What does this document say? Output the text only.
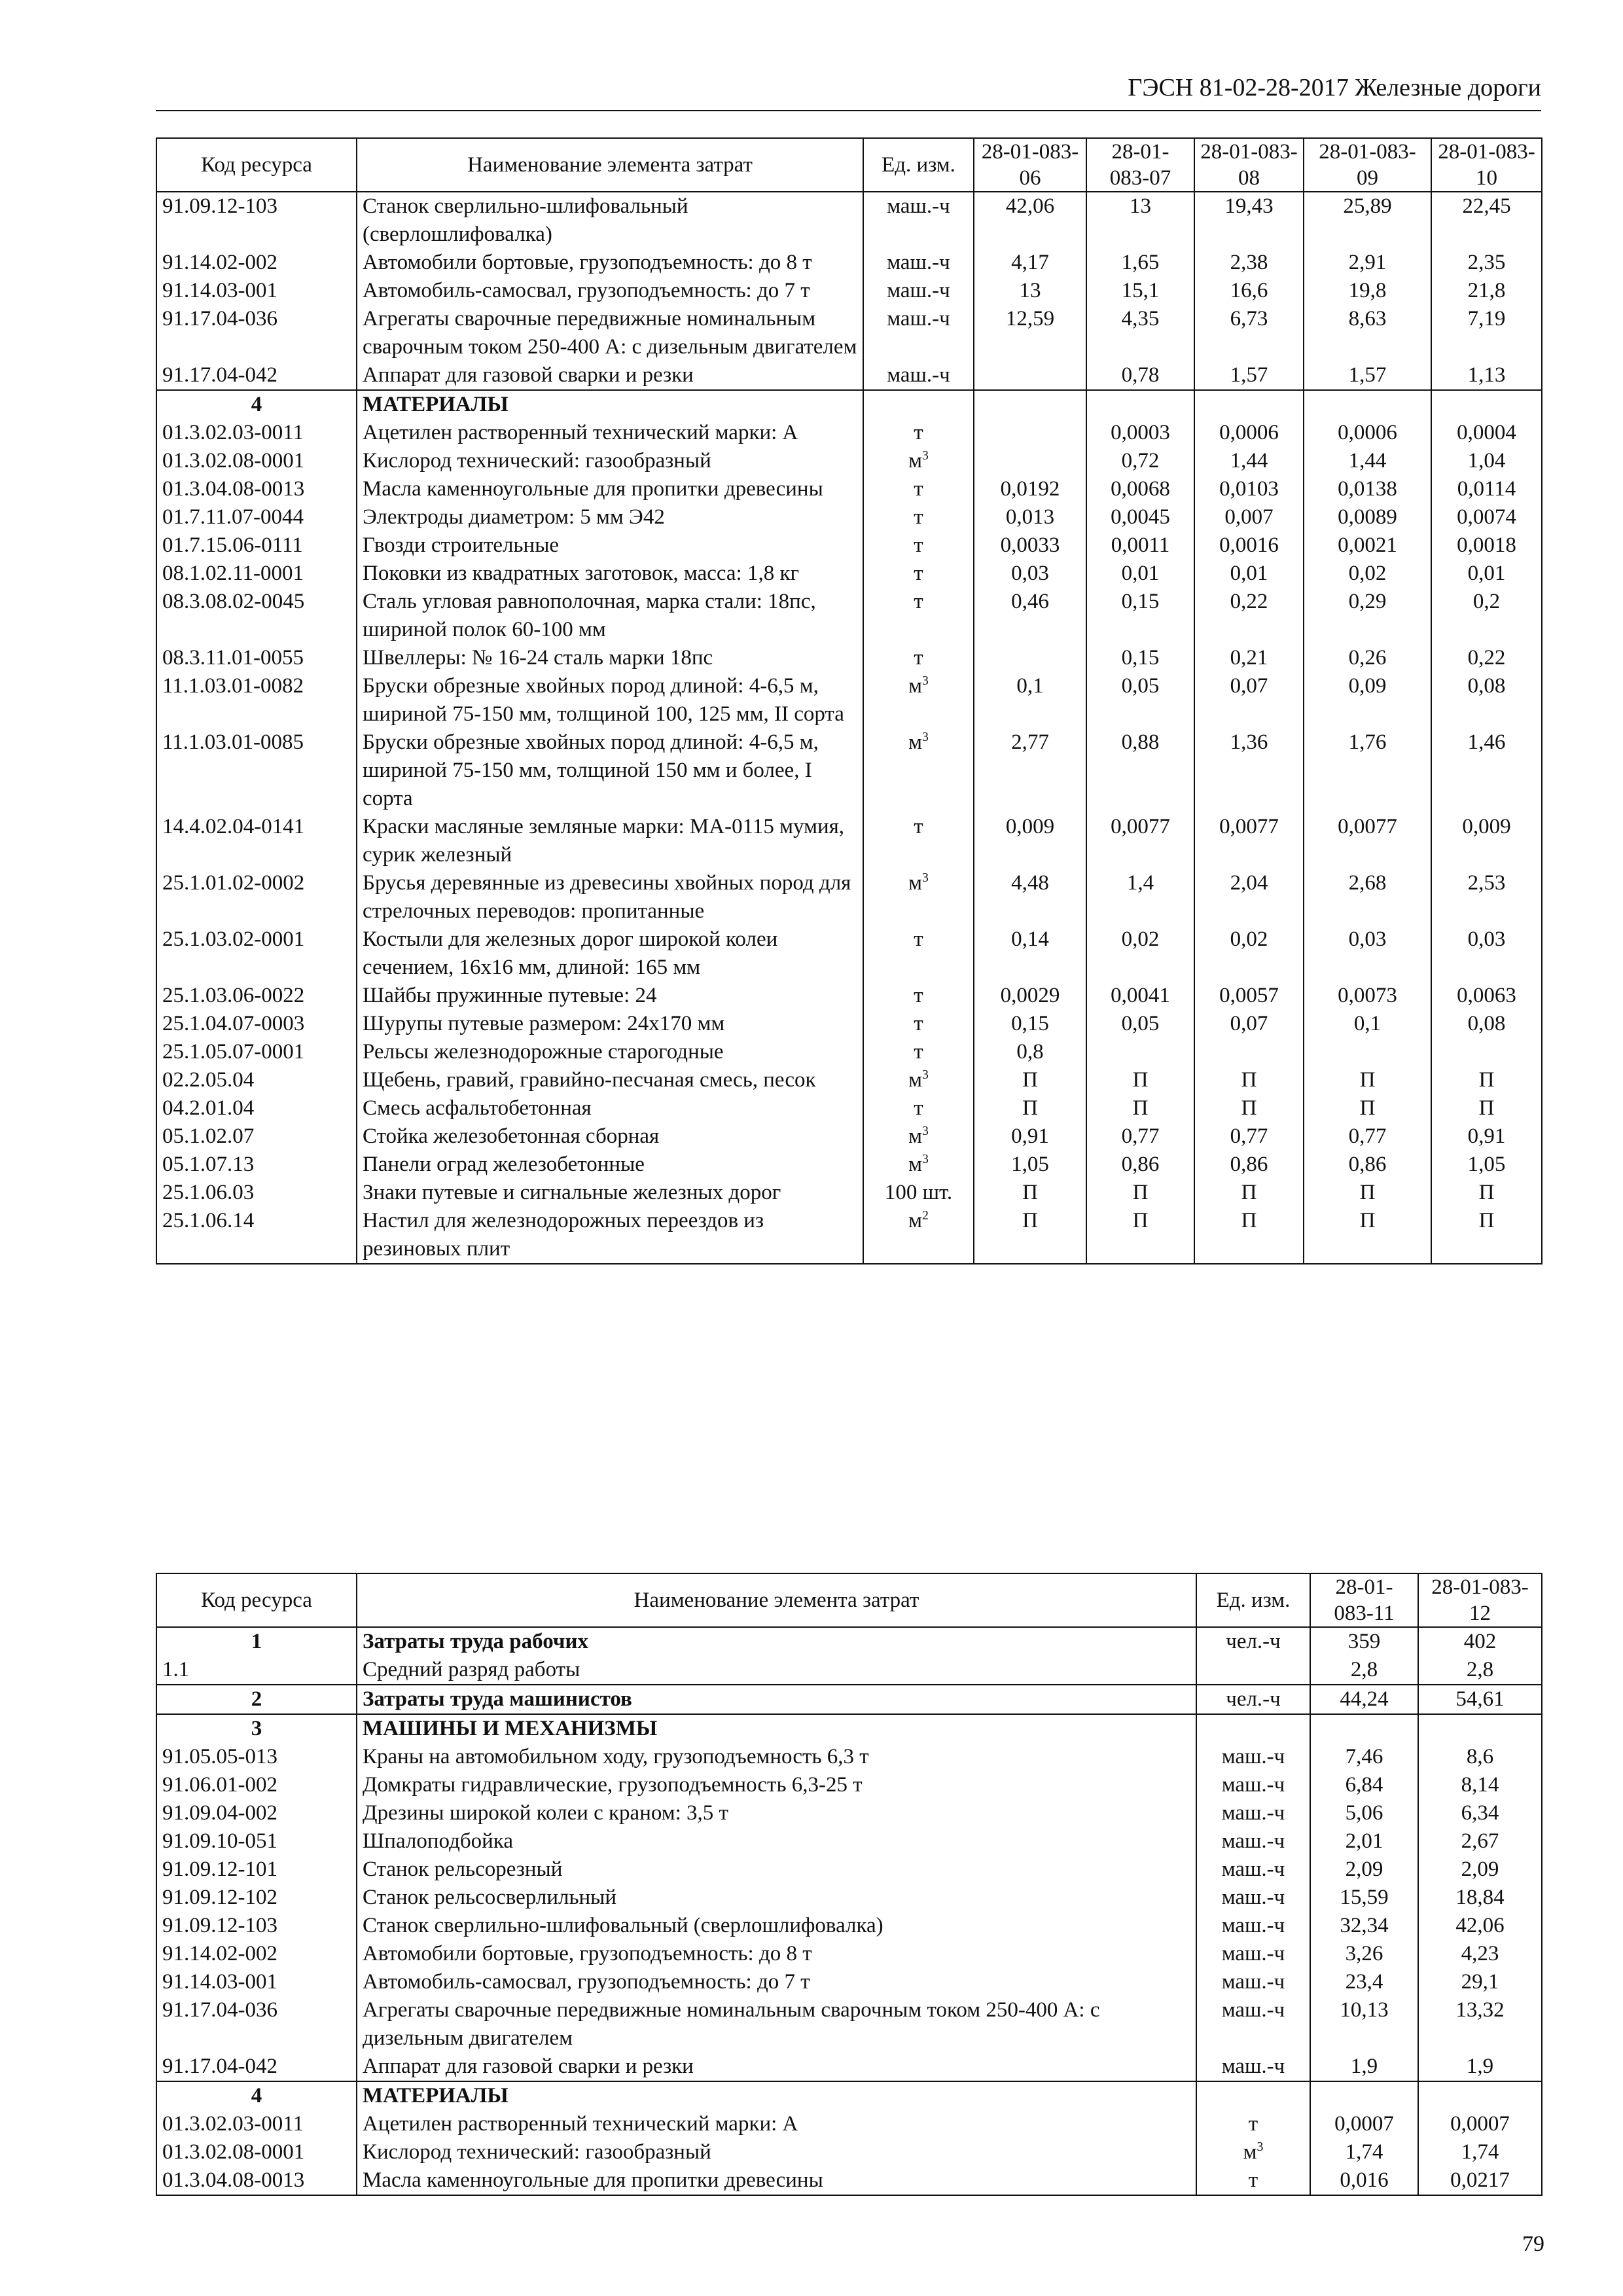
ГЭСН 81-02-28-2017 Железные дороги
Код ресурса	Наименование элемента затрат	Ед. изм.	28-01-083-06	28-01-083-07	28-01-083-08	28-01-083-09	28-01-083-10
91.09.12-103	Станок сверлильно-шлифовальный (сверлошлифовалка)	маш.-ч	42,06	13	19,43	25,89	22,45
91.14.02-002	Автомобили бортовые, грузоподъемность: до 8 т	маш.-ч	4,17	1,65	2,38	2,91	2,35
91.14.03-001	Автомобиль-самосвал, грузоподъемность: до 7 т	маш.-ч	13	15,1	16,6	19,8	21,8
91.17.04-036	Агрегаты сварочные передвижные номинальным сварочным током 250-400 А: с дизельным двигателем	маш.-ч	12,59	4,35	6,73	8,63	7,19
91.17.04-042	Аппарат для газовой сварки и резки	маш.-ч		0,78	1,57	1,57	1,13
4	МАТЕРИАЛЫ						
01.3.02.03-0011	Ацетилен растворенный технический марки: А	т		0,0003	0,0006	0,0006	0,0004
01.3.02.08-0001	Кислород технический: газообразный	$м^3$		0,72	1,44	1,44	1,04
01.3.04.08-0013	Масла каменноугольные для пропитки древесины	т	0,0192	0,0068	0,0103	0,0138	0,0114
01.7.11.07-0044	Электроды диаметром: 5 мм Э42	т	0,013	0,0045	0,007	0,0089	0,0074
01.7.15.06-0111	Гвозди строительные	т	0,0033	0,0011	0,0016	0,0021	0,0018
08.1.02.11-0001	Поковки из квадратных заготовок, масса: 1,8 кг	т	0,03	0,01	0,01	0,02	0,01
08.3.08.02-0045	Сталь угловая равнополочная, марка стали: 18пс, шириной полок 60-100 мм	т	0,46	0,15	0,22	0,29	0,2
08.3.11.01-0055	Швеллеры: № 16-24 сталь марки 18пс	т		0,15	0,21	0,26	0,22
11.1.03.01-0082	Бруски обрезные хвойных пород длиной: 4-6,5 м, шириной 75-150 мм, толщиной 100, 125 мм, II сорта	$м^3$	0,1	0,05	0,07	0,09	0,08
11.1.03.01-0085	Бруски обрезные хвойных пород длиной: 4-6,5 м, шириной 75-150 мм, толщиной 150 мм и более, I сорта	$м^3$	2,77	0,88	1,36	1,76	1,46
14.4.02.04-0141	Краски масляные земляные марки: МА-0115 мумия, сурик железный	т	0,009	0,0077	0,0077	0,0077	0,009
25.1.01.02-0002	Брусья деревянные из древесины хвойных пород для стрелочных переводов: пропитанные	$м^3$	4,48	1,4	2,04	2,68	2,53
25.1.03.02-0001	Костыли для железных дорог широкой колеи сечением, 16х16 мм, длиной: 165 мм	т	0,14	0,02	0,02	0,03	0,03
25.1.03.06-0022	Шайбы пружинные путевые: 24	т	0,0029	0,0041	0,0057	0,0073	0,0063
25.1.04.07-0003	Шурупы путевые размером: 24х170 мм	т	0,15	0,05	0,07	0,1	0,08
25.1.05.07-0001	Рельсы железнодорожные старогодные	т	0,8				
02.2.05.04	Щебень, гравий, гравийно-песчаная смесь, песок	$м^3$	П	П	П	П	П
04.2.01.04	Смесь асфальтобетонная	т	П	П	П	П	П
05.1.02.07	Стойка железобетонная сборная	$м^3$	0,91	0,77	0,77	0,77	0,91
05.1.07.13	Панели оград железобетонные	$м^3$	1,05	0,86	0,86	0,86	1,05
25.1.06.03	Знаки путевые и сигнальные железных дорог	100 шт.	П	П	П	П	П
25.1.06.14	Настил для железнодорожных переездов из резиновых плит	$м^2$	П	П	П	П	П
Код ресурса	Наименование элемента затрат	Ед. изм.	28-01-083-11	28-01-083-12
1	Затраты труда рабочих	чел.-ч	359	402
1.1	Средний разряд работы		2,8	2,8
2	Затраты труда машинистов	чел.-ч	44,24	54,61
3	МАШИНЫ И МЕХАНИЗМЫ			
91.05.05-013	Краны на автомобильном ходу, грузоподъемность 6,3 т	маш.-ч	7,46	8,6
91.06.01-002	Домкраты гидравлические, грузоподъемность 6,3-25 т	маш.-ч	6,84	8,14
91.09.04-002	Дрезины широкой колеи с краном: 3,5 т	маш.-ч	5,06	6,34
91.09.10-051	Шпалоподбойка	маш.-ч	2,01	2,67
91.09.12-101	Станок рельсорезный	маш.-ч	2,09	2,09
91.09.12-102	Станок рельсосверлильный	маш.-ч	15,59	18,84
91.09.12-103	Станок сверлильно-шлифовальный (сверлошлифовалка)	маш.-ч	32,34	42,06
91.14.02-002	Автомобили бортовые, грузоподъемность: до 8 т	маш.-ч	3,26	4,23
91.14.03-001	Автомобиль-самосвал, грузоподъемность: до 7 т	маш.-ч	23,4	29,1
91.17.04-036	Агрегаты сварочные передвижные номинальным сварочным током 250-400 А: с дизельным двигателем	маш.-ч	10,13	13,32
91.17.04-042	Аппарат для газовой сварки и резки	маш.-ч	1,9	1,9
4	МАТЕРИАЛЫ			
01.3.02.03-0011	Ацетилен растворенный технический марки: А	т	0,0007	0,0007
01.3.02.08-0001	Кислород технический: газообразный	$м^3$	1,74	1,74
01.3.04.08-0013	Масла каменноугольные для пропитки древесины	т	0,016	0,0217
79
